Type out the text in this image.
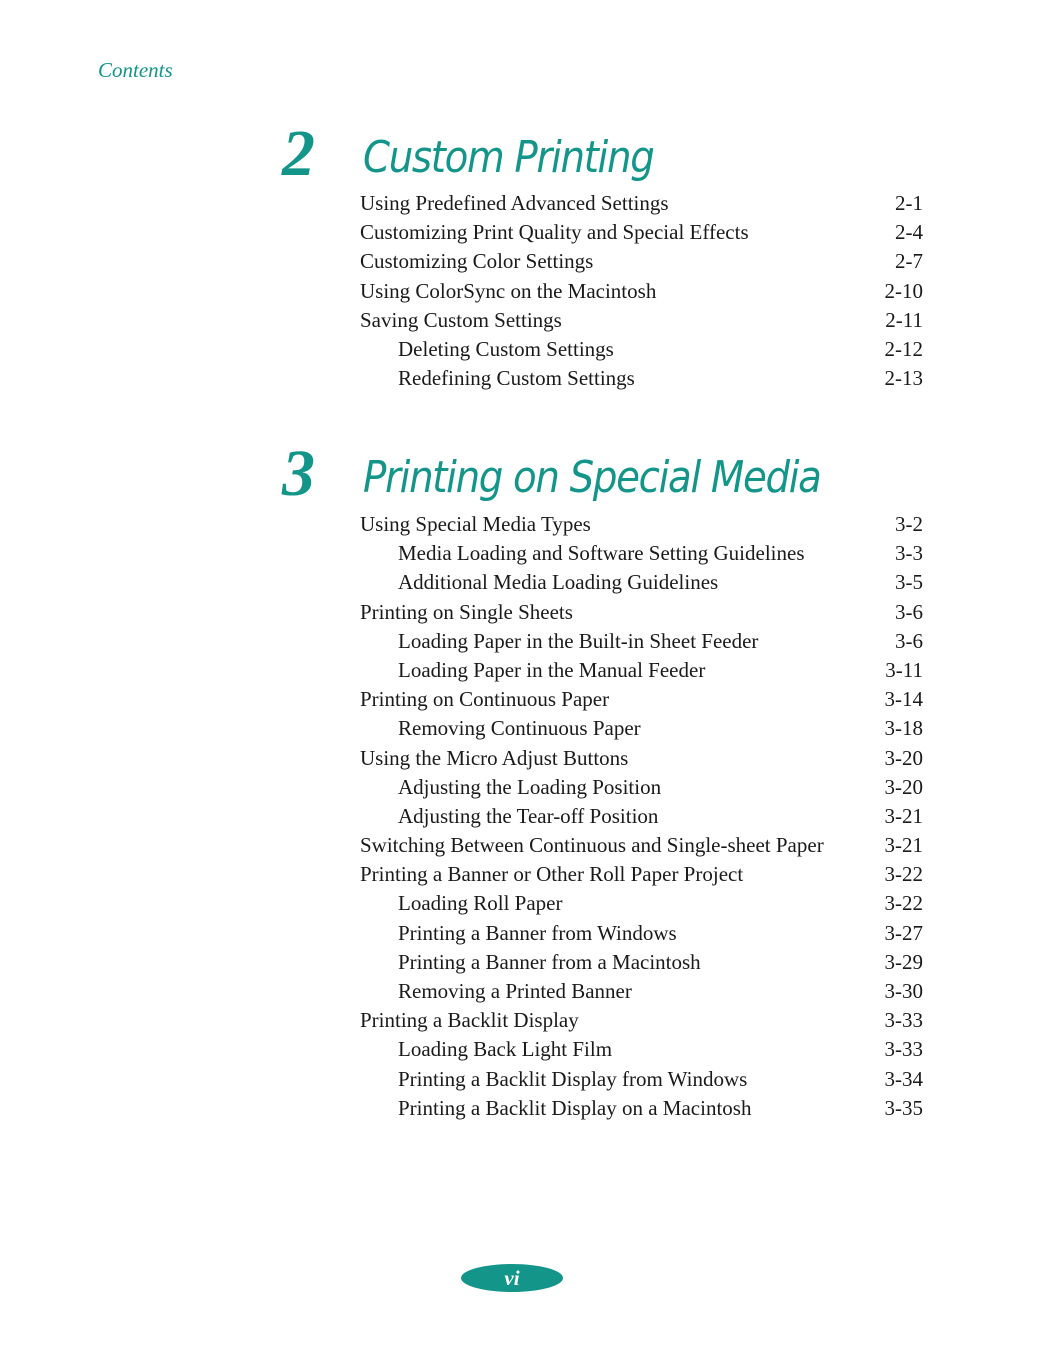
Contents
2 Custom Printing
Using Predefined Advanced Settings	2-1
Customizing Print Quality and Special Effects	2-4
Customizing Color Settings	2-7
Using ColorSync on the Macintosh	2-10
Saving Custom Settings	2-11
Deleting Custom Settings	2-12
Redefining Custom Settings	2-13
3 Printing on Special Media
Using Special Media Types	3-2
Media Loading and Software Setting Guidelines	3-3
Additional Media Loading Guidelines	3-5
Printing on Single Sheets	3-6
Loading Paper in the Built-in Sheet Feeder	3-6
Loading Paper in the Manual Feeder	3-11
Printing on Continuous Paper	3-14
Removing Continuous Paper	3-18
Using the Micro Adjust Buttons	3-20
Adjusting the Loading Position	3-20
Adjusting the Tear-off Position	3-21
Switching Between Continuous and Single-sheet Paper	3-21
Printing a Banner or Other Roll Paper Project	3-22
Loading Roll Paper	3-22
Printing a Banner from Windows	3-27
Printing a Banner from a Macintosh	3-29
Removing a Printed Banner	3-30
Printing a Backlit Display	3-33
Loading Back Light Film	3-33
Printing a Backlit Display from Windows	3-34
Printing a Backlit Display on a Macintosh	3-35
vi
